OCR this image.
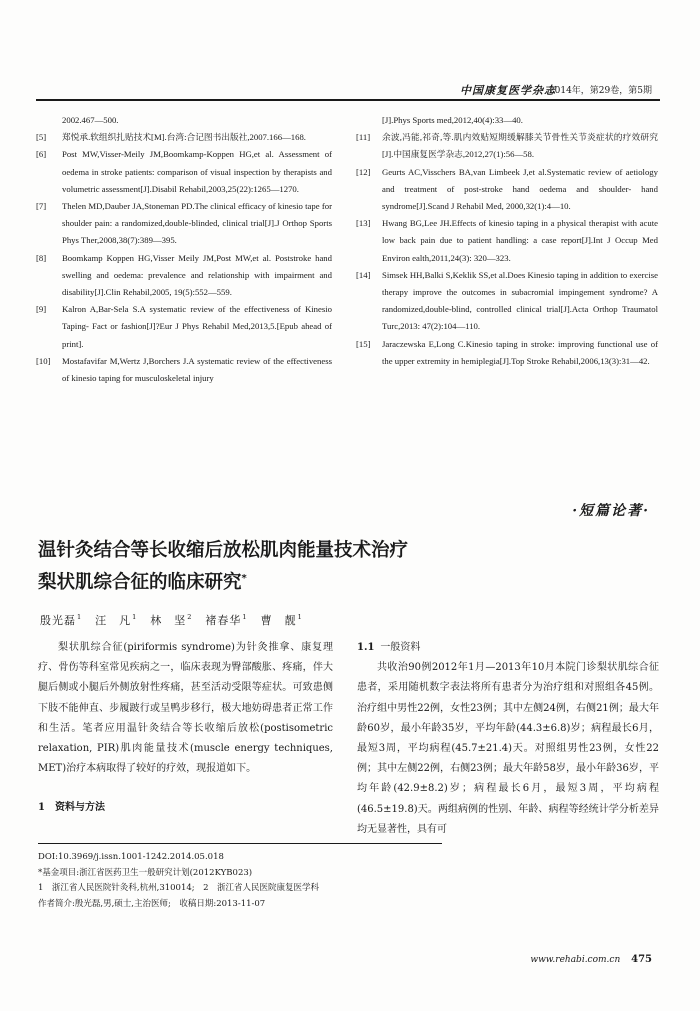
中国康复医学杂志
2014年，第29卷，第5期
2002.467—500.
[5] 郑悦承.软组织扎贴技术[M].台湾:合记图书出版社,2007.166—168.
[6] Post MW,Visser-Meily JM,Boomkamp-Koppen HG,et al. Assessment of oedema in stroke patients: comparison of visual inspection by therapists and volumetric assessment[J].Disabil Rehabil,2003,25(22):1265—1270.
[7] Thelen MD,Dauber JA,Stoneman PD.The clinical efficacy of kinesio tape for shoulder pain: a randomized,double-blinded, clinical trial[J].J Orthop Sports Phys Ther,2008,38(7):389—395.
[8] Boomkamp Koppen HG,Visser Meily JM,Post MW,et al. Poststroke hand swelling and oedema: prevalence and relationship with impairment and disability[J].Clin Rehabil,2005, 19(5):552—559.
[9] Kalron A,Bar-Sela S.A systematic review of the effectiveness of Kinesio Taping- Fact or fashion[J]?Eur J Phys Rehabil Med,2013,5.[Epub ahead of print].
[10] Mostafavifar M,Wertz J,Borchers J.A systematic review of the effectiveness of kinesio taping for musculoskeletal injury
[J].Phys Sports med,2012,40(4):33—40.
[11] 余波,冯能,祁奇,等.肌内效贴短期缓解膝关节骨性关节炎症状的疗效研究[J].中国康复医学杂志,2012,27(1):56—58.
[12] Geurts AC,Visschers BA,van Limbeek J,et al.Systematic review of aetiology and treatment of post-stroke hand oedema and shoulder- hand syndrome[J].Scand J Rehabil Med, 2000,32(1):4—10.
[13] Hwang BG,Lee JH.Effects of kinesio taping in a physical therapist with acute low back pain due to patient handling: a case report[J].Int J Occup Med Environ ealth,2011,24(3): 320—323.
[14] Simsek HH,Balki S,Keklik SS,et al.Does Kinesio taping in addition to exercise therapy improve the outcomes in subacromial impingement syndrome? A randomized,double-blind, controlled clinical trial[J].Acta Orthop Traumatol Turc,2013: 47(2):104—110.
[15] Jaraczewska E,Long C.Kinesio taping in stroke: improving functional use of the upper extremity in hemiplegia[J].Top Stroke Rehabil,2006,13(3):31—42.
·短篇论著·
温针灸结合等长收缩后放松肌肉能量技术治疗
梨状肌综合征的临床研究*
殷光磊$^1$ 汪　凡$^1$ 林　坚$^2$ 褚春华$^1$ 曹　靓$^1$

梨状肌综合征(piriformis syndrome)为针灸推拿、康复理疗、骨伤等科室常见疾病之一，临床表现为臀部酸胀、疼痛，伴大腿后侧或小腿后外侧放射性疼痛，甚至活动受限等症状。可致患侧下肢不能伸直、步履跛行或呈鸭步移行，极大地妨碍患者正常工作和生活。笔者应用温针灸结合等长收缩后放松(postisometric relaxation, PIR)肌肉能量技术(muscle energy techniques, MET)治疗本病取得了较好的疗效，现报道如下。

1　资料与方法
1.1 一般资料

共收治90例2012年1月—2013年10月本院门诊梨状肌综合征患者，采用随机数字表法将所有患者分为治疗组和对照组各45例。治疗组中男性22例，女性23例；其中左侧24例，右侧21例；最大年龄60岁，最小年龄35岁，平均年龄(44.3±6.8)岁；病程最长6月，最短3周，平均病程(45.7±21.4)天。对照组男性23例，女性22例；其中左侧22例，右侧23例；最大年龄58岁，最小年龄36岁，平均年龄(42.9±8.2)岁；病程最长6月，最短3周，平均病程(46.5±19.8)天。两组病例的性别、年龄、病程等经统计学分析差异均无显著性，具有可

DOI:10.3969/j.issn.1001-1242.2014.05.018
*基金项目:浙江省医药卫生一般研究计划(2012KYB023)
1　浙江省人民医院针灸科,杭州,310014;　2　浙江省人民医院康复医学科
作者简介:殷光磊,男,硕士,主治医师;　收稿日期:2013-11-07
www.rehabi.com.cn 475
